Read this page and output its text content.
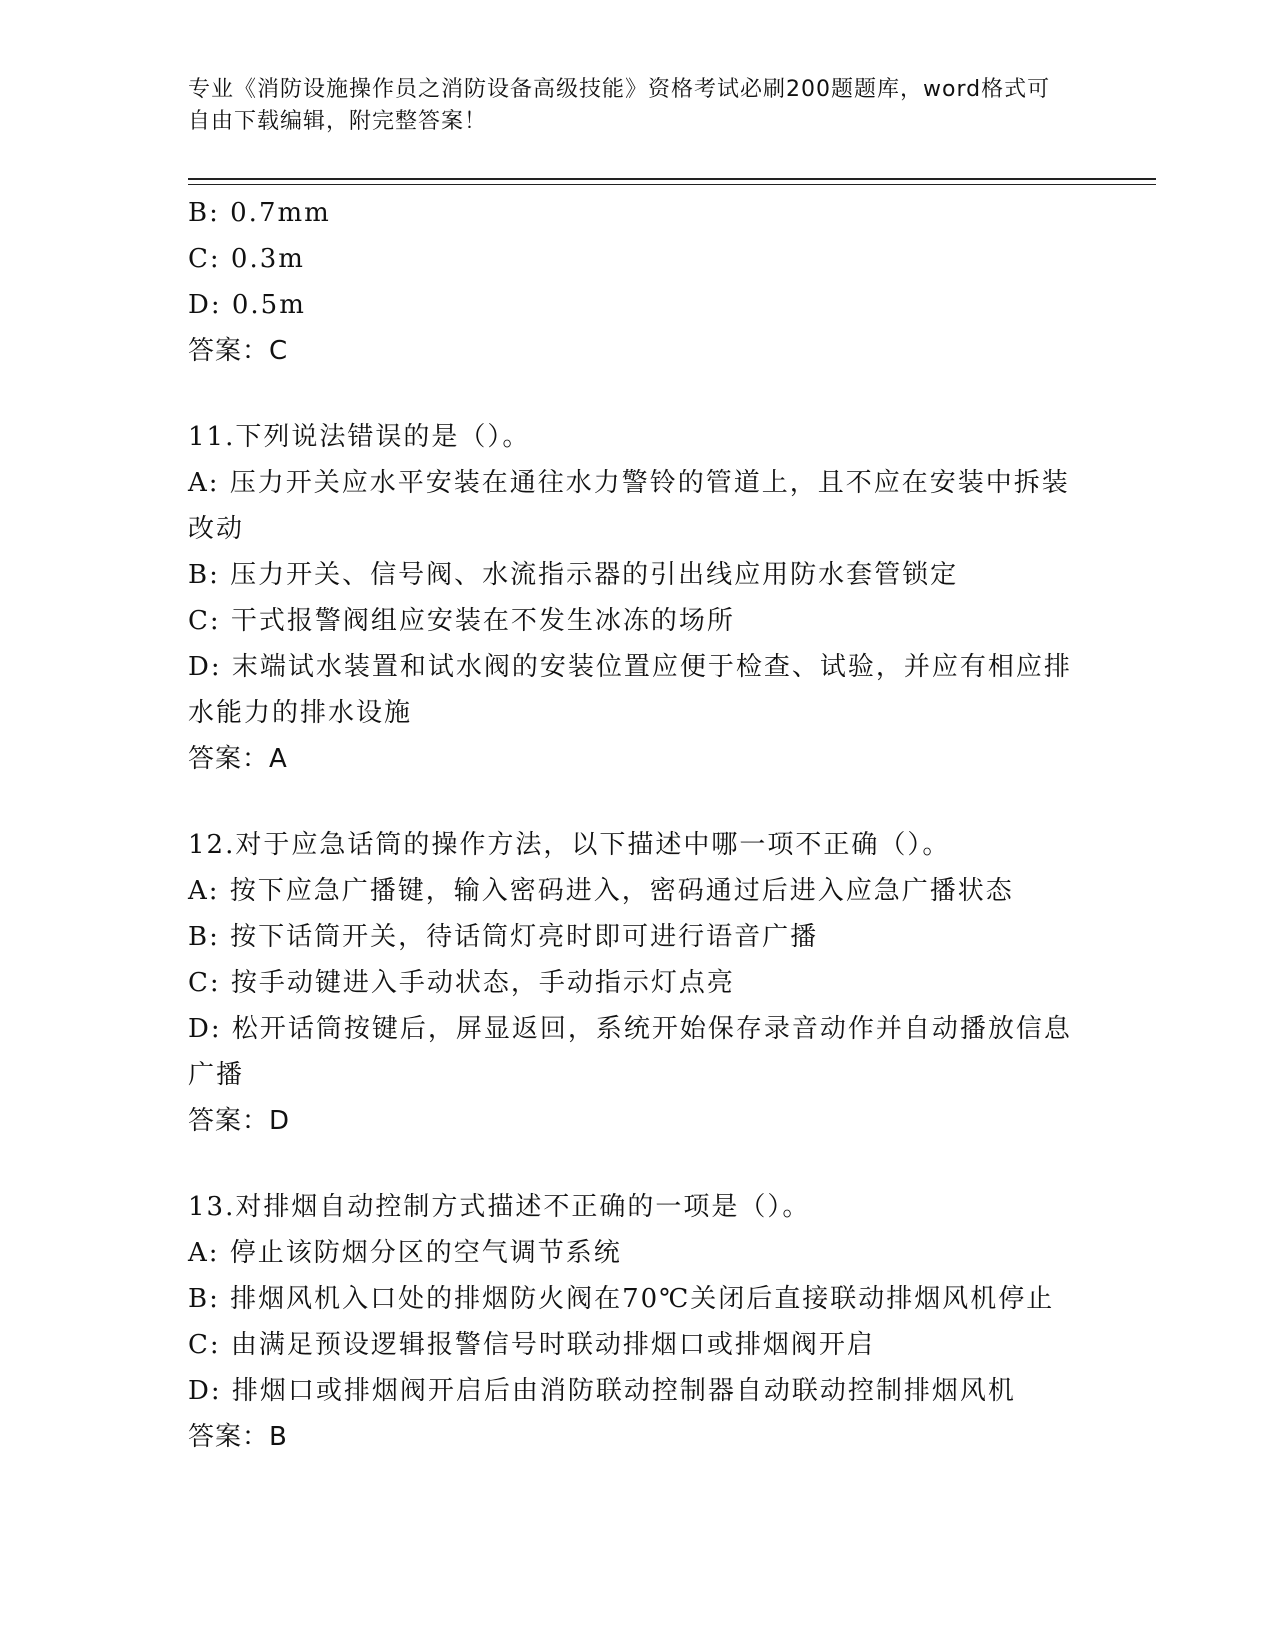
专业《消防设施操作员之消防设备高级技能》资格考试必刷200题题库，word格式可自由下载编辑，附完整答案！
B: 0.7mm
C: 0.3m
D: 0.5m
答案：C
11.下列说法错误的是（）。
A: 压力开关应水平安装在通往水力警铃的管道上，且不应在安装中拆装改动
B: 压力开关、信号阀、水流指示器的引出线应用防水套管锁定
C: 干式报警阀组应安装在不发生冰冻的场所
D: 末端试水装置和试水阀的安装位置应便于检查、试验，并应有相应排水能力的排水设施
答案：A
12.对于应急话筒的操作方法，以下描述中哪一项不正确（）。
A: 按下应急广播键，输入密码进入，密码通过后进入应急广播状态
B: 按下话筒开关，待话筒灯亮时即可进行语音广播
C: 按手动键进入手动状态，手动指示灯点亮
D: 松开话筒按键后，屏显返回，系统开始保存录音动作并自动播放信息广播
答案：D
13.对排烟自动控制方式描述不正确的一项是（）。
A: 停止该防烟分区的空气调节系统
B: 排烟风机入口处的排烟防火阀在70℃关闭后直接联动排烟风机停止
C: 由满足预设逻辑报警信号时联动排烟口或排烟阀开启
D: 排烟口或排烟阀开启后由消防联动控制器自动联动控制排烟风机
答案：B
